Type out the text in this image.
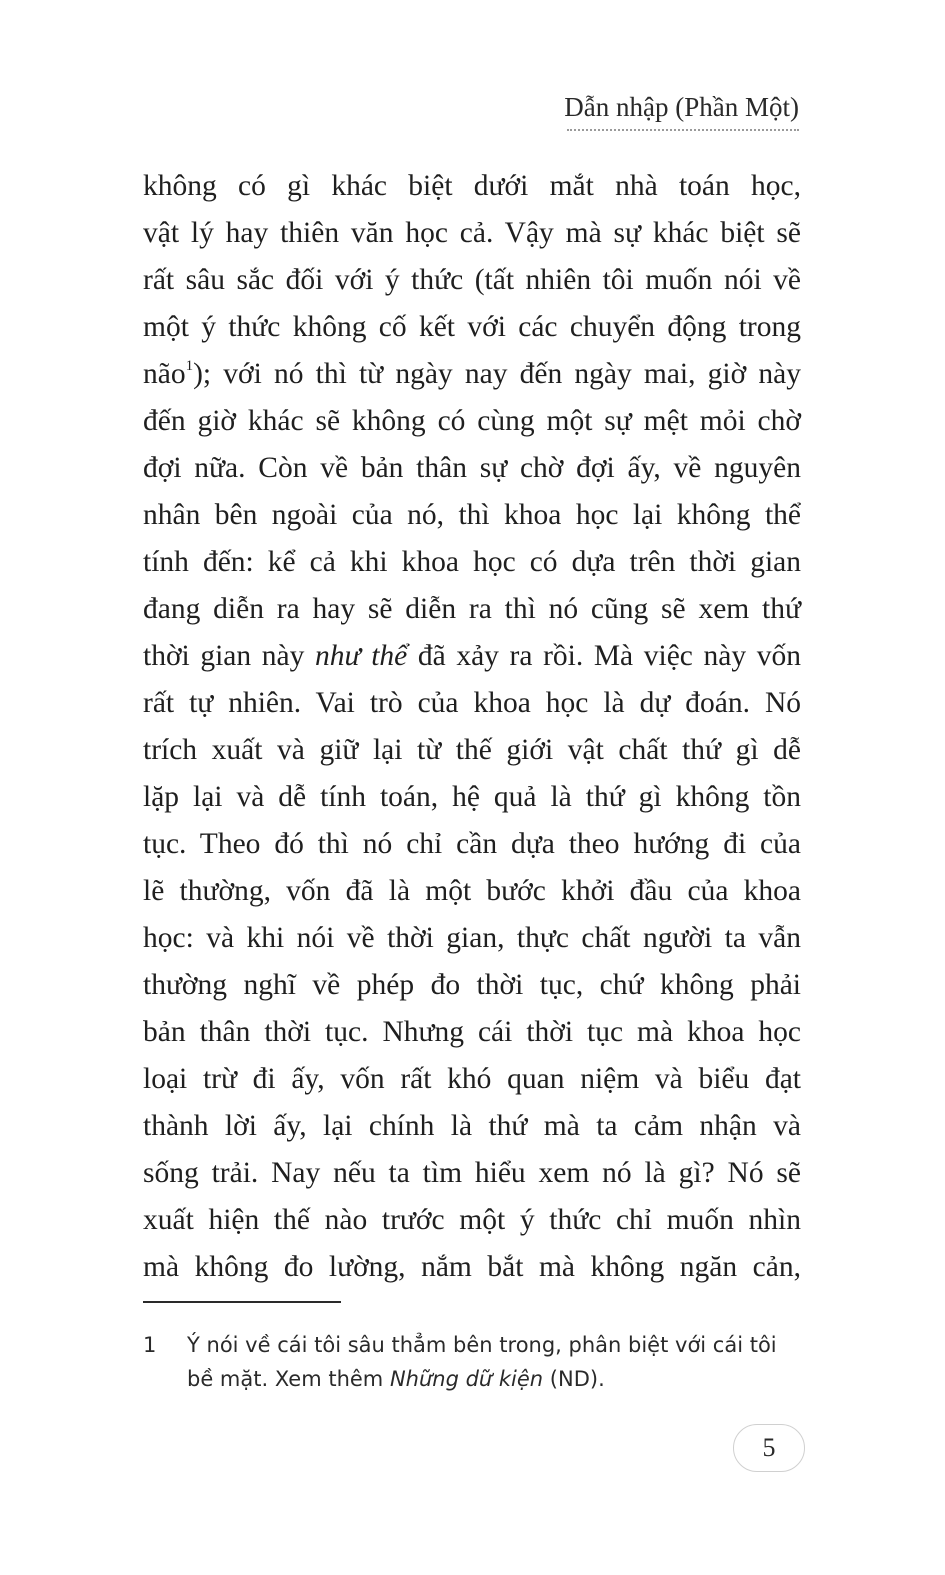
Dẫn nhập (Phần Một)
không có gì khác biệt dưới mắt nhà toán học,
vật lý hay thiên văn học cả. Vậy mà sự khác biệt sẽ
rất sâu sắc đối với ý thức (tất nhiên tôi muốn nói về
một ý thức không cố kết với các chuyển động trong
não$^1$); với nó thì từ ngày nay đến ngày mai, giờ này
đến giờ khác sẽ không có cùng một sự mệt mỏi chờ
đợi nữa. Còn về bản thân sự chờ đợi ấy, về nguyên
nhân bên ngoài của nó, thì khoa học lại không thể
tính đến: kể cả khi khoa học có dựa trên thời gian
đang diễn ra hay sẽ diễn ra thì nó cũng sẽ xem thứ
thời gian này như thể đã xảy ra rồi. Mà việc này vốn
rất tự nhiên. Vai trò của khoa học là dự đoán. Nó
trích xuất và giữ lại từ thế giới vật chất thứ gì dễ
lặp lại và dễ tính toán, hệ quả là thứ gì không tồn
tục. Theo đó thì nó chỉ cần dựa theo hướng đi của
lẽ thường, vốn đã là một bước khởi đầu của khoa
học: và khi nói về thời gian, thực chất người ta vẫn
thường nghĩ về phép đo thời tục, chứ không phải
bản thân thời tục. Nhưng cái thời tục mà khoa học
loại trừ đi ấy, vốn rất khó quan niệm và biểu đạt
thành lời ấy, lại chính là thứ mà ta cảm nhận và
sống trải. Nay nếu ta tìm hiểu xem nó là gì? Nó sẽ
xuất hiện thế nào trước một ý thức chỉ muốn nhìn
mà không đo lường, nắm bắt mà không ngăn cản,
1 Ý nói về cái tôi sâu thẳm bên trong, phân biệt với cái tôi bề mặt. Xem thêm Những dữ kiện (ND).
5
